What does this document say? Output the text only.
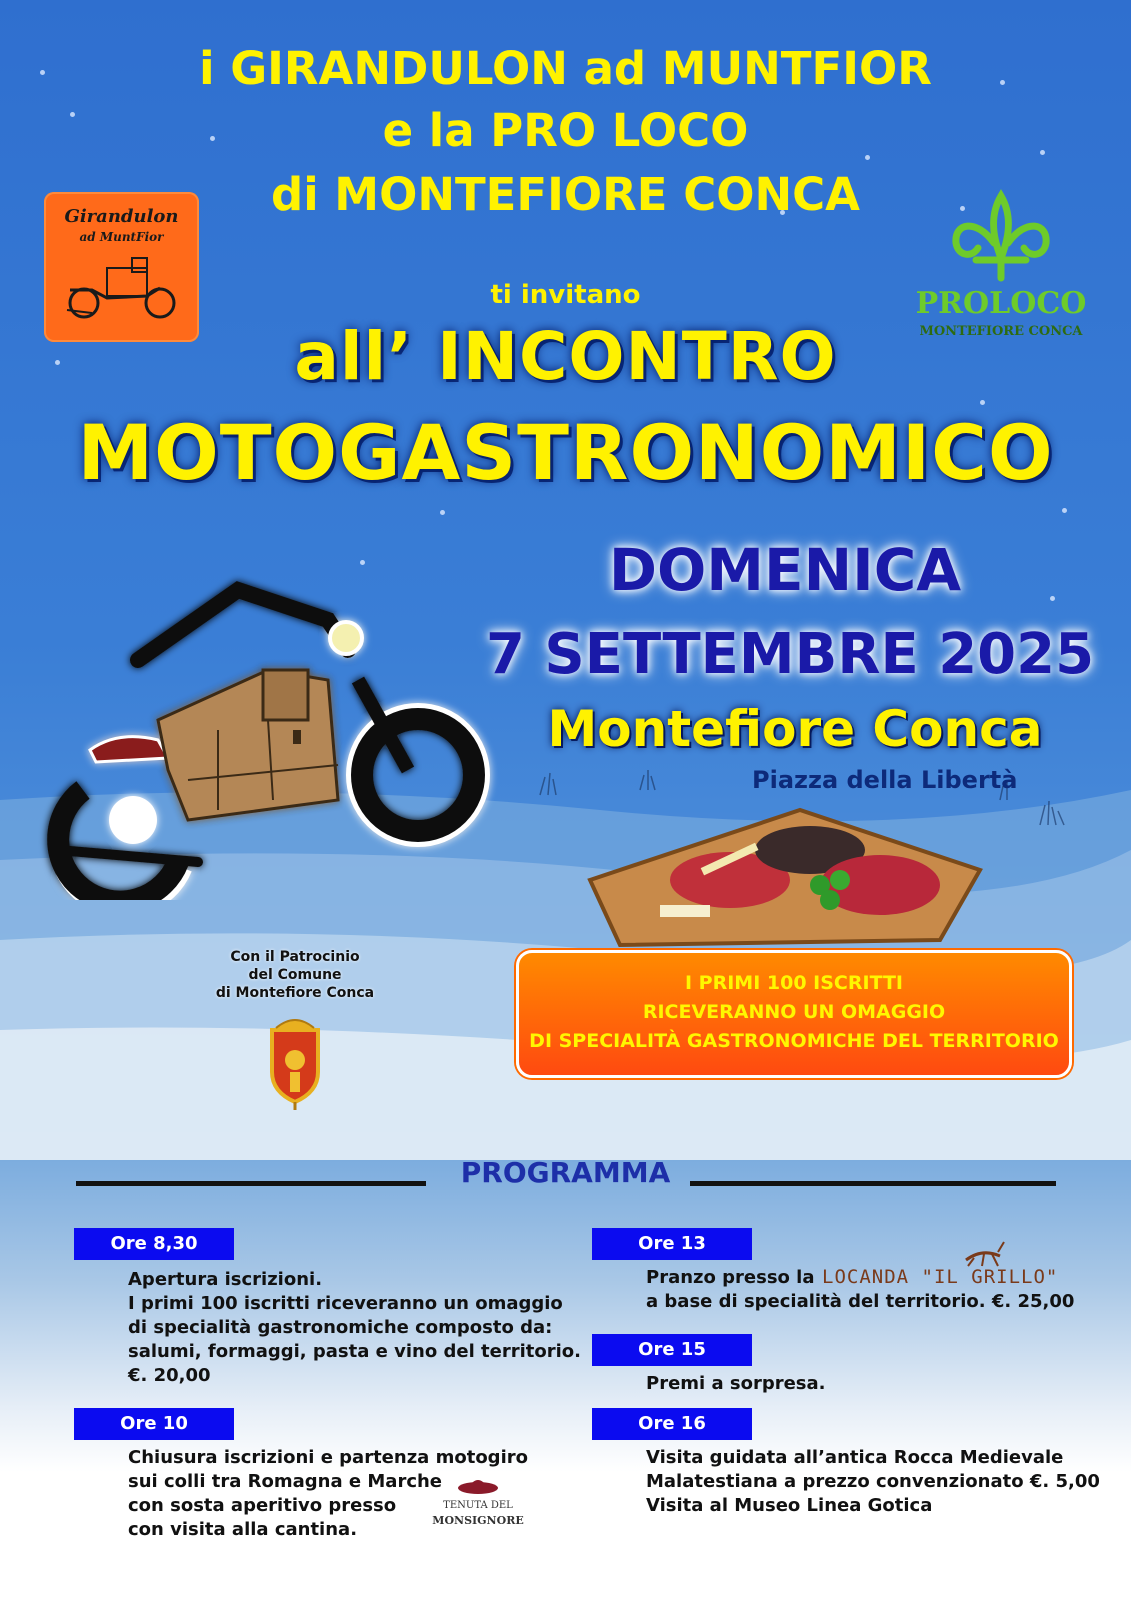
i GIRANDULON ad MUNTFIOR
e la PRO LOCO
di MONTEFIORE CONCA
Girandulon
ad MuntFior
PROLOCO
MONTEFIORE CONCA
ti invitano
all’ INCONTRO
MOTOGASTRONOMICO
DOMENICA
7 SETTEMBRE 2025
Montefiore Conca
Piazza della Libertà
Con il Patrocinio
del Comune
di Montefiore Conca	I PRIMI 100 ISCRITTI
RICEVERANNO UN OMAGGIO
DI SPECIALITÀ GASTRONOMICHE DEL TERRITORIO
PROGRAMMA
Ore 8,30
Apertura iscrizioni.
I primi 100 iscritti riceveranno un omaggio
di specialità gastronomiche composto da:
salumi, formaggi, pasta e vino del territorio.
€. 20,00
Ore 10
Chiusura iscrizioni e partenza motogiro
sui colli tra Romagna e Marche
con sosta aperitivo presso
con visita alla cantina.
TENUTA DEL
MONSIGNORE
Ore 13
Pranzo presso la
a base di specialità del territorio. €. 25,00
LOCANDA "IL GRILLO"
Ore 15
Premi a sorpresa.
Ore 16
Visita guidata all’antica Rocca Medievale
Malatestiana a prezzo convenzionato €. 5,00
Visita al Museo Linea Gotica
